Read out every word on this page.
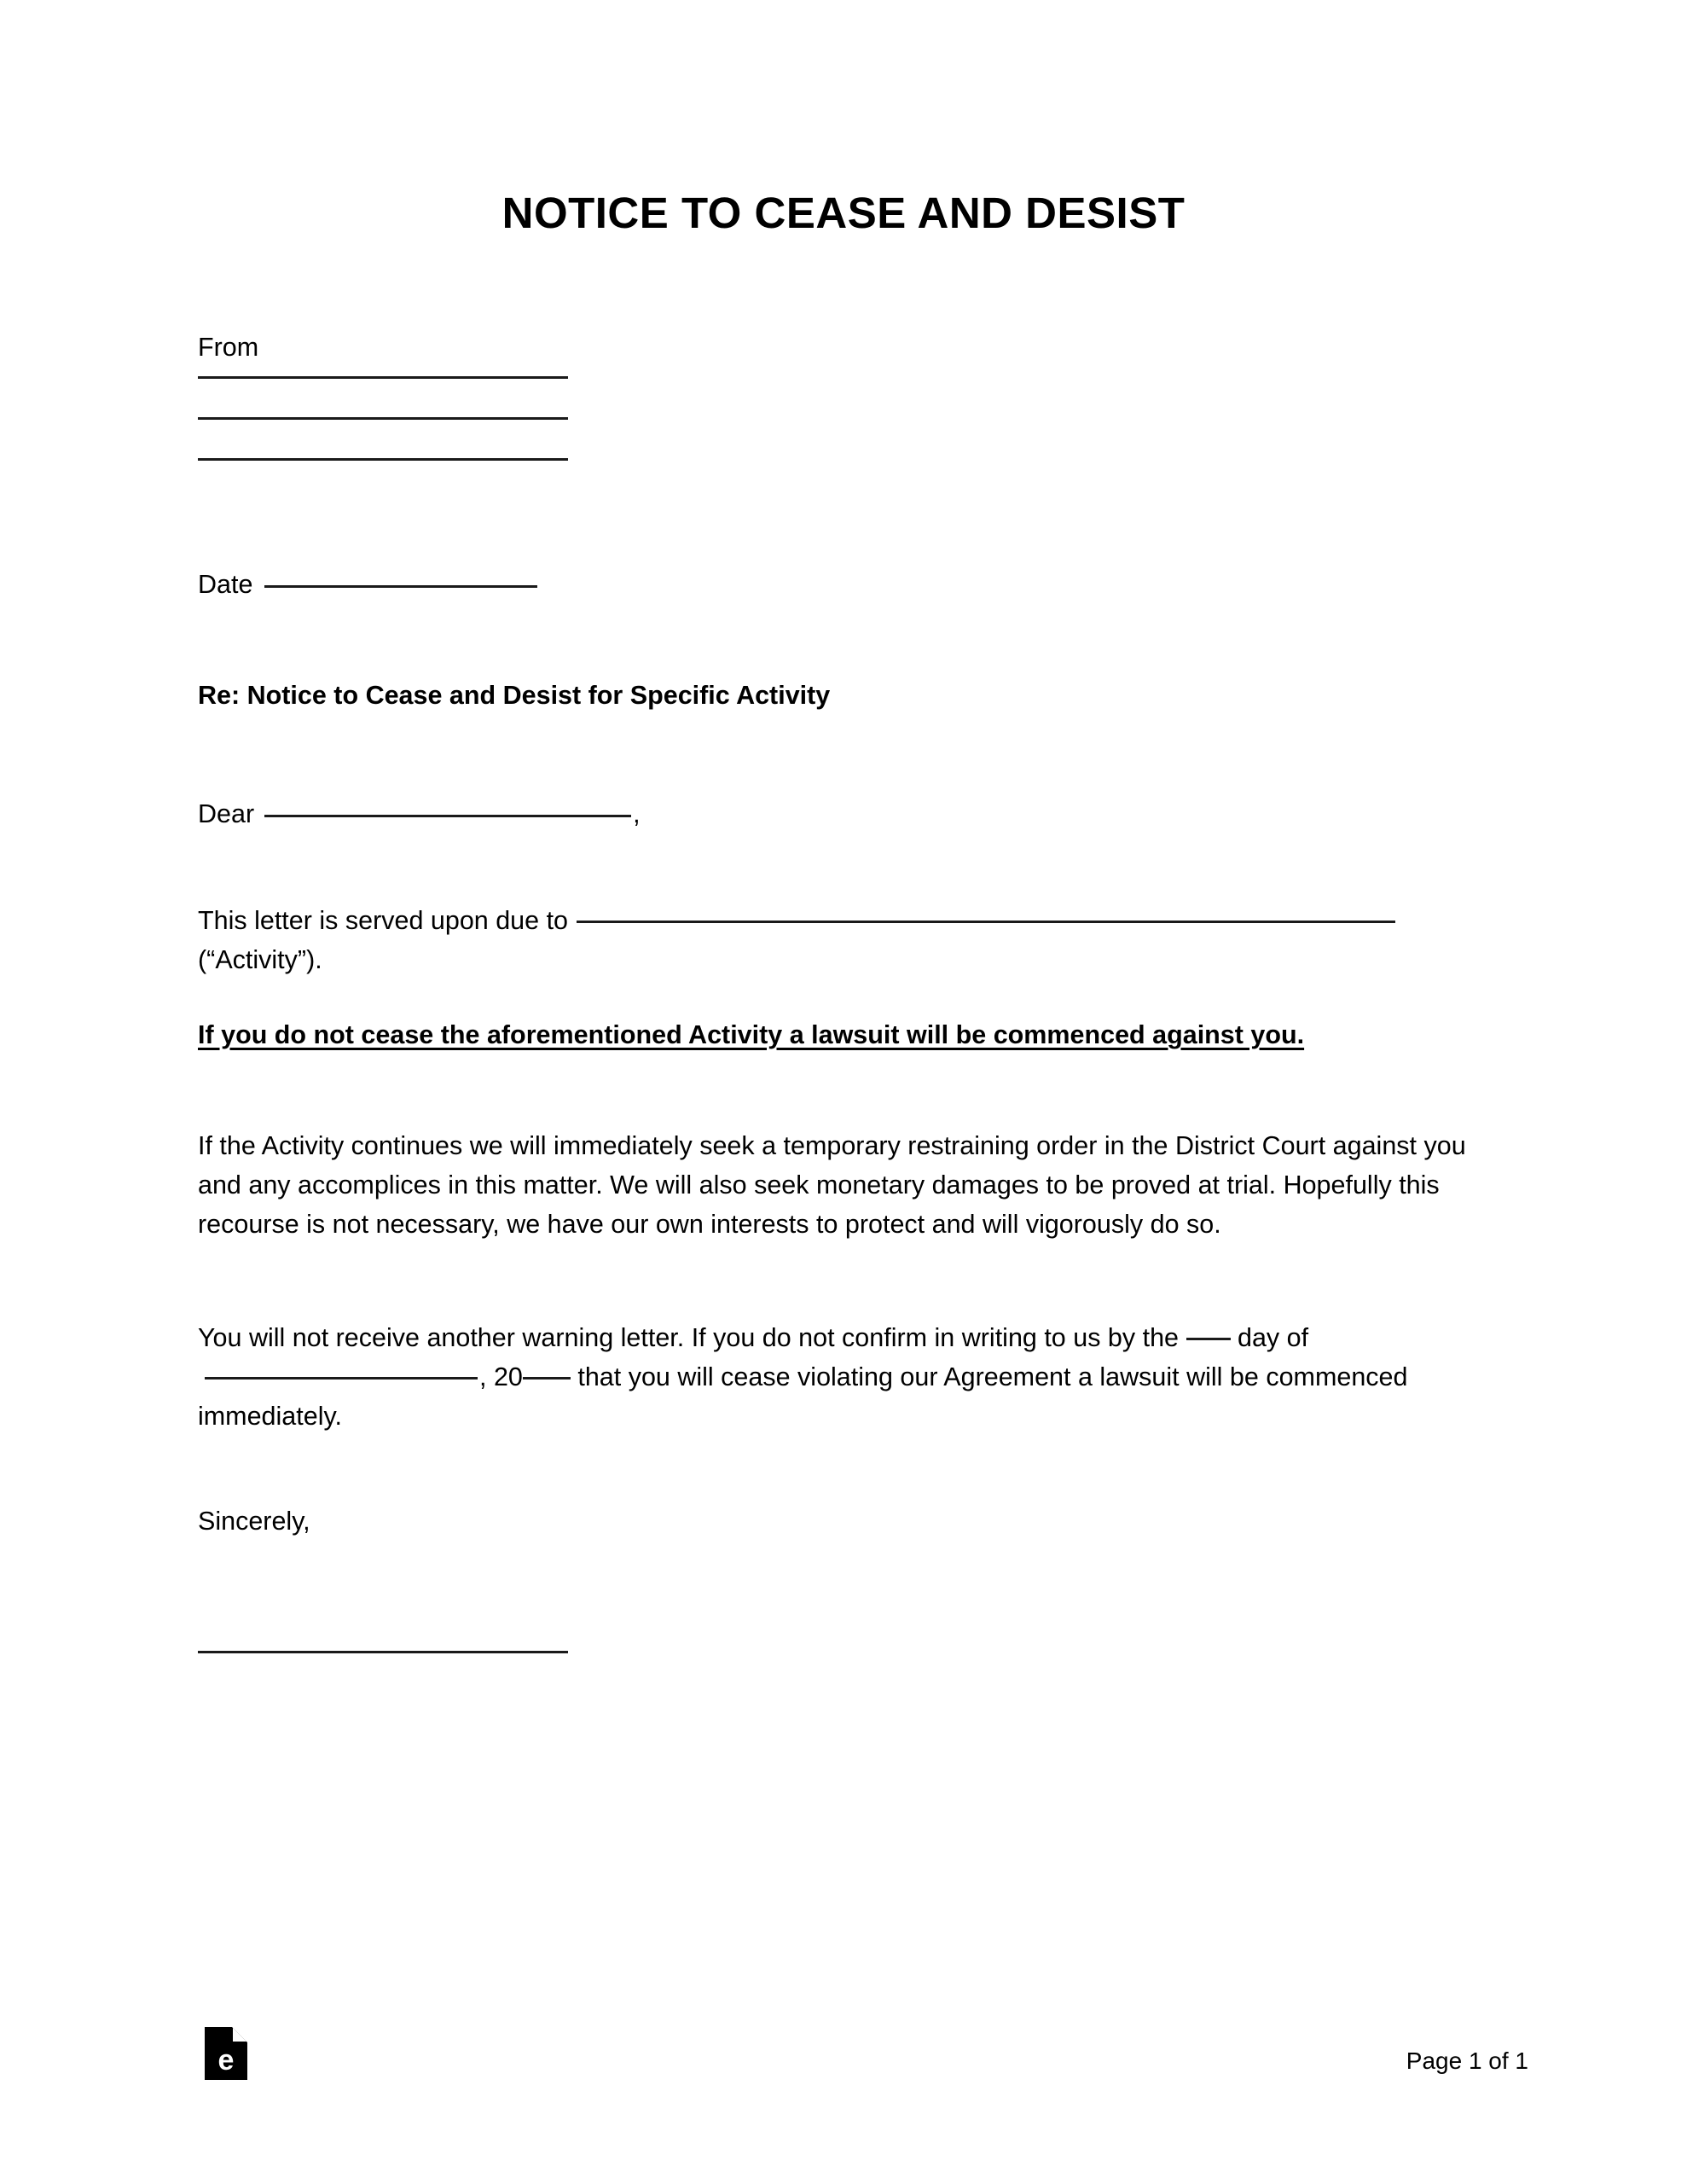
NOTICE TO CEASE AND DESIST
From
Date
Re: Notice to Cease and Desist for Specific Activity
Dear	,
This letter is served upon due to
(“Activity”).
If you do not cease the aforementioned Activity a lawsuit will be commenced against you.
If the Activity continues we will immediately seek a temporary restraining order in the District Court against you and any accomplices in this matter. We will also seek monetary damages to be proved at trial. Hopefully this recourse is not necessary, we have our own interests to protect and will vigorously do so.
You will not receive another warning letter. If you do not confirm in writing to us by the day of, 20 that you will cease violating our Agreement a lawsuit will be commenced immediately.
Sincerely,
e	Page 1 of 1
